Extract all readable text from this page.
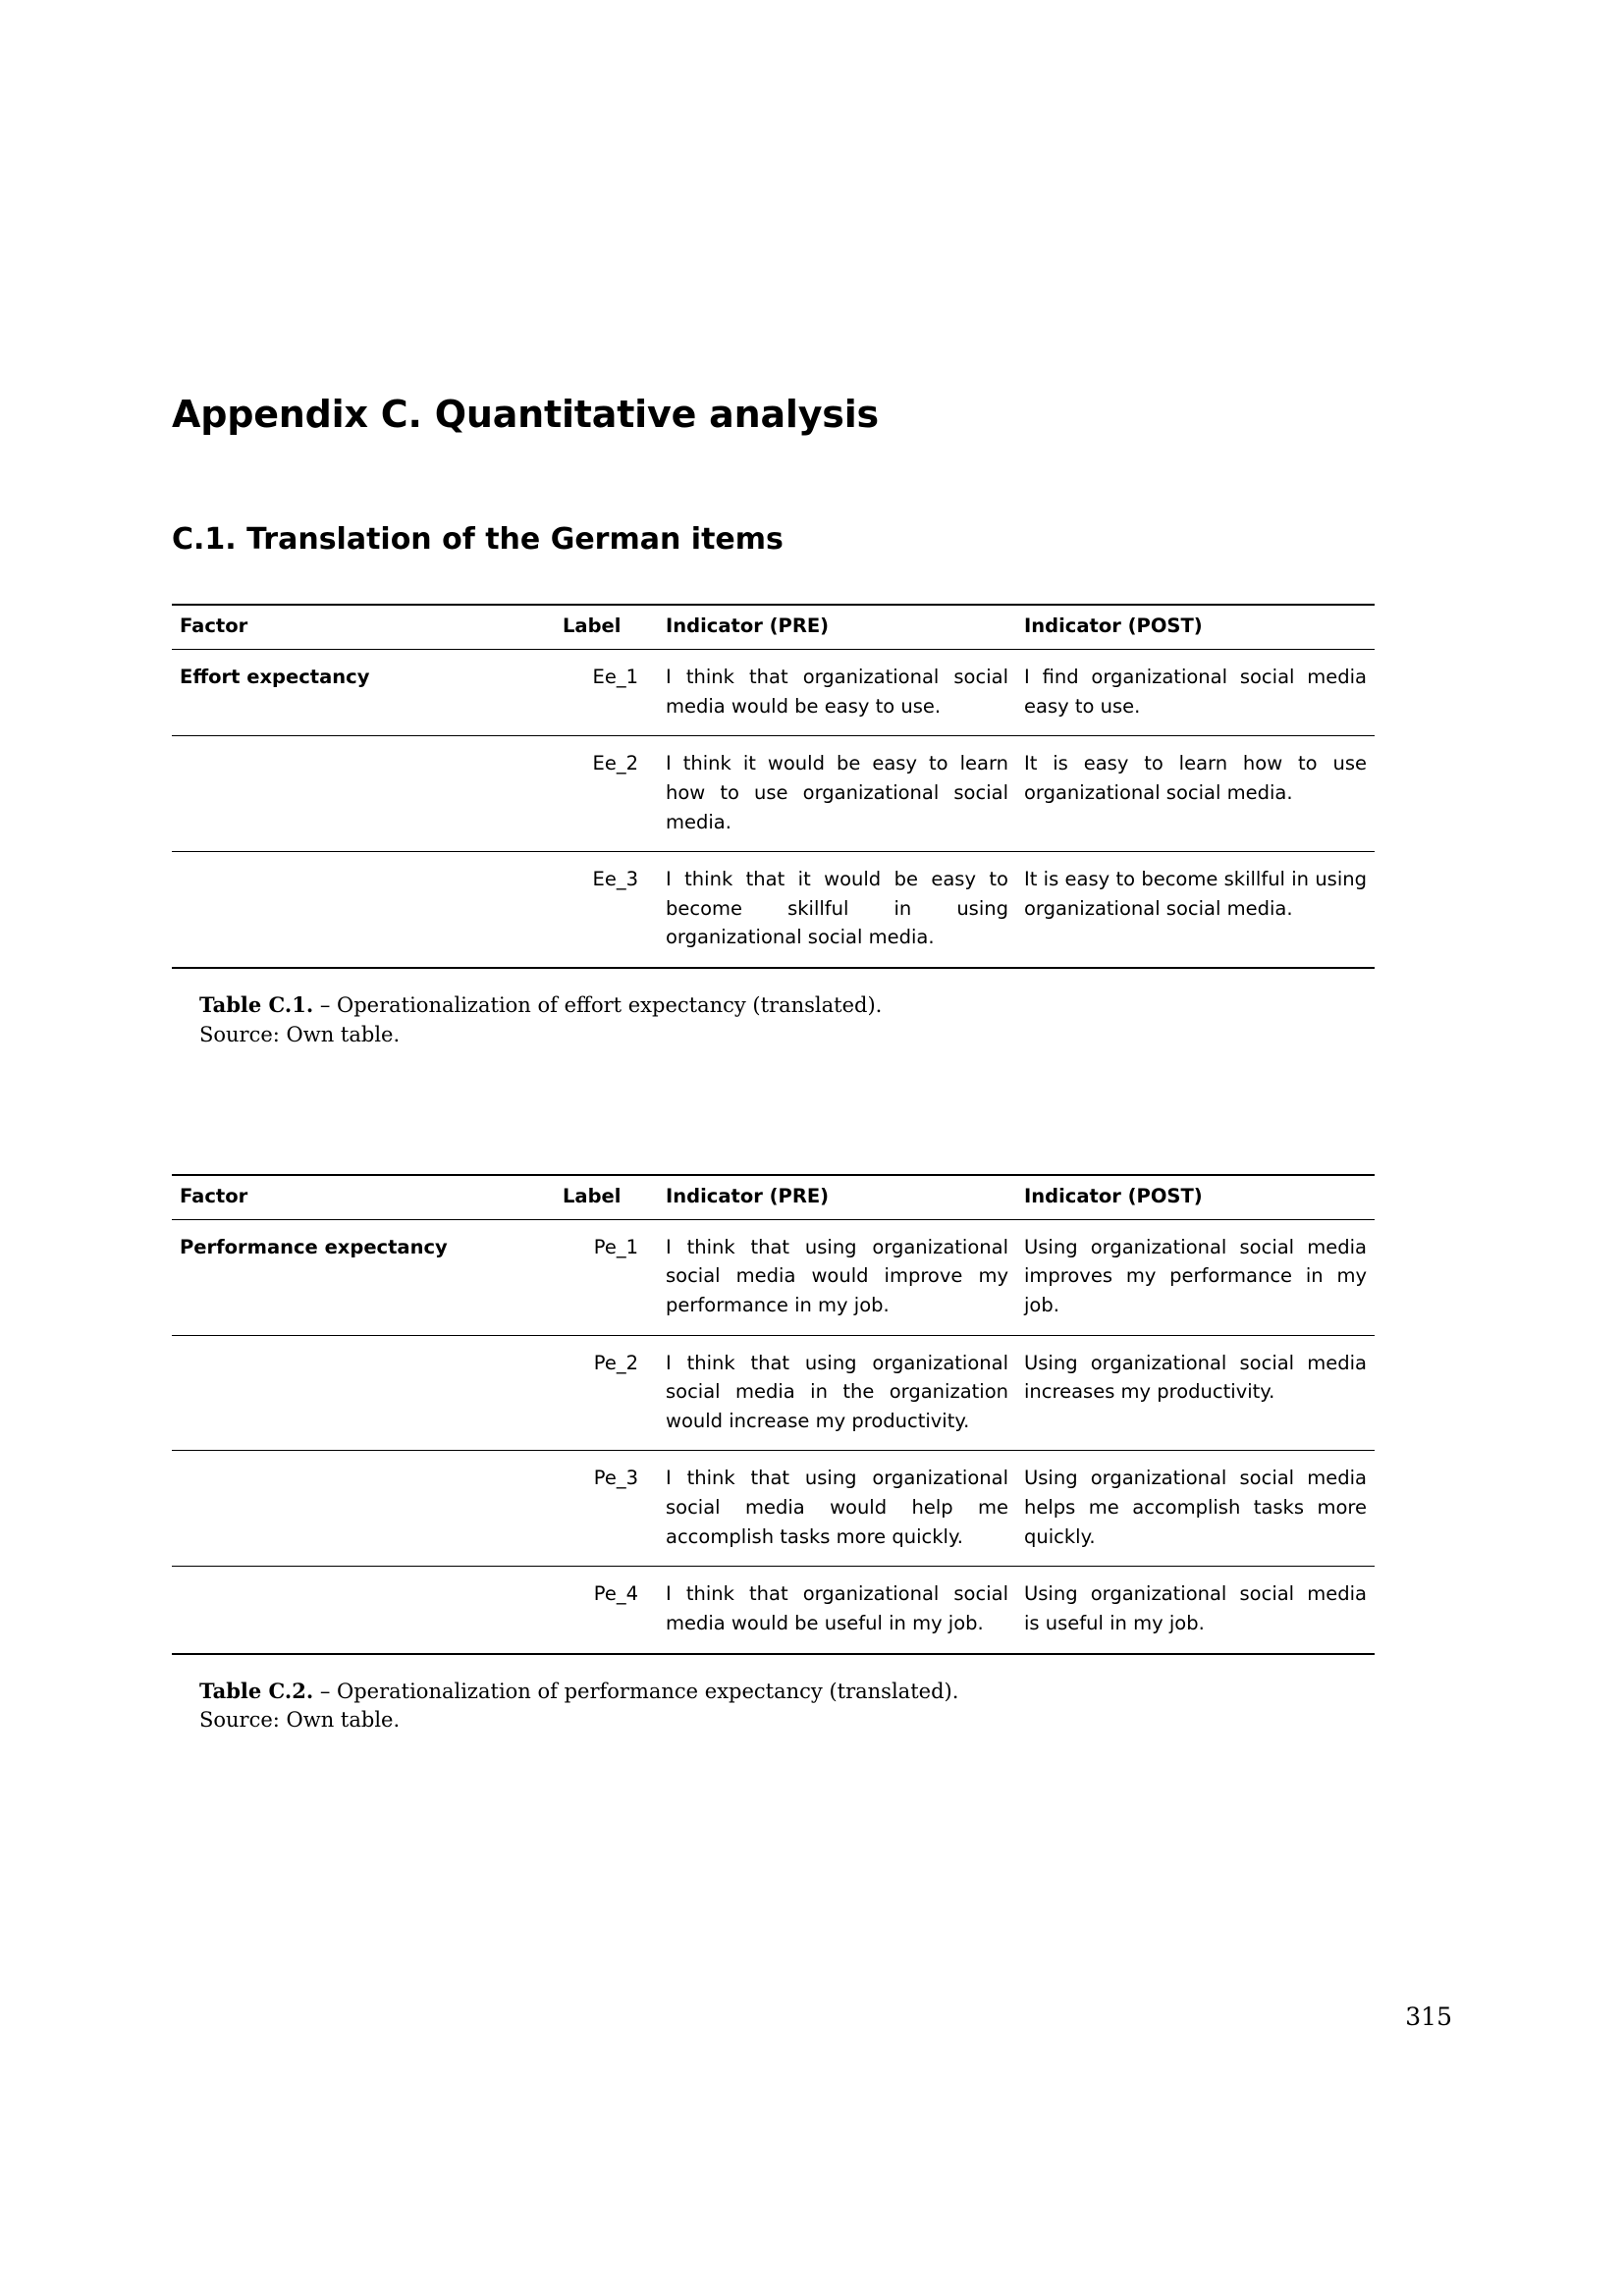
Appendix C. Quantitative analysis
C.1. Translation of the German items
Factor	Label	Indicator (PRE)	Indicator (POST)
Effort expectancy	Ee_1	I think that organizational social media would be easy to use.	I find organizational social media easy to use.
	Ee_2	I think it would be easy to learn how to use organizational social media.	It is easy to learn how to use organizational social media.
	Ee_3	I think that it would be easy to become skillful in using organizational social media.	It is easy to become skillful in using organizational social media.
Table C.1. – Operationalization of effort expectancy (translated).
Source: Own table.
Factor	Label	Indicator (PRE)	Indicator (POST)
Performance expectancy	Pe_1	I think that using organizational social media would improve my performance in my job.	Using organizational social media improves my performance in my job.
	Pe_2	I think that using organizational social media in the organization would increase my productivity.	Using organizational social media increases my productivity.
	Pe_3	I think that using organizational social media would help me accomplish tasks more quickly.	Using organizational social media helps me accomplish tasks more quickly.
	Pe_4	I think that organizational social media would be useful in my job.	Using organizational social media is useful in my job.
Table C.2. – Operationalization of performance expectancy (translated).
Source: Own table.
315
